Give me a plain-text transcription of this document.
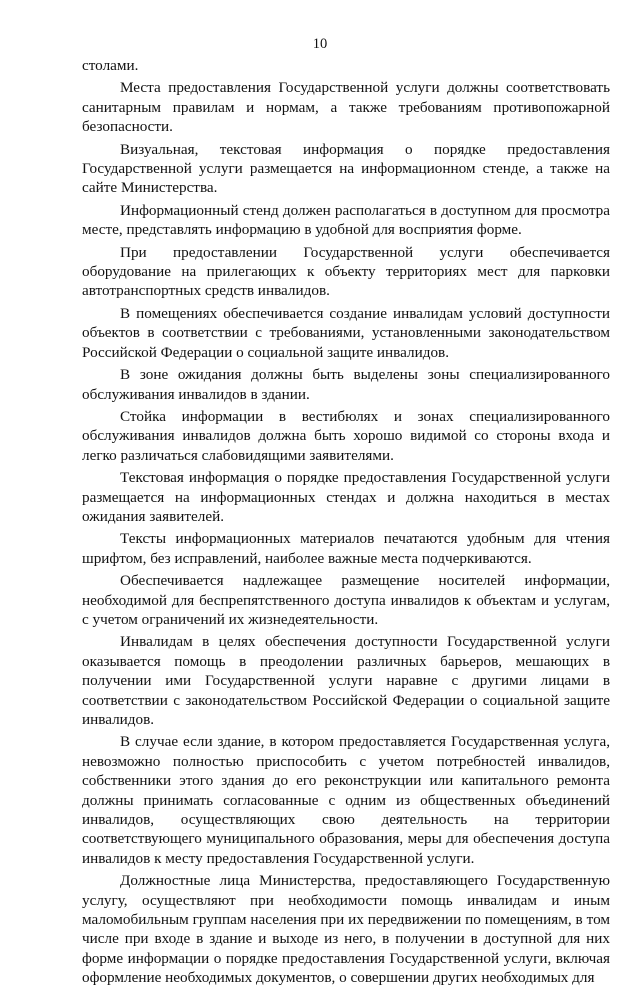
10

столами.

Места предоставления Государственной услуги должны соответствовать санитарным правилам и нормам, а также требованиям противопожарной безопасности.

Визуальная, текстовая информация о порядке предоставления Государственной услуги размещается на информационном стенде, а также на сайте Министерства.

Информационный стенд должен располагаться в доступном для просмотра месте, представлять информацию в удобной для восприятия форме.

При предоставлении Государственной услуги обеспечивается оборудование на прилегающих к объекту территориях мест для парковки автотранспортных средств инвалидов.

В помещениях обеспечивается создание инвалидам условий доступности объектов в соответствии с требованиями, установленными законодательством Российской Федерации о социальной защите инвалидов.

В зоне ожидания должны быть выделены зоны специализированного обслуживания инвалидов в здании.

Стойка информации в вестибюлях и зонах специализированного обслуживания инвалидов должна быть хорошо видимой со стороны входа и легко различаться слабовидящими заявителями.

Текстовая информация о порядке предоставления Государственной услуги размещается на информационных стендах и должна находиться в местах ожидания заявителей.

Тексты информационных материалов печатаются удобным для чтения шрифтом, без исправлений, наиболее важные места подчеркиваются.

Обеспечивается надлежащее размещение носителей информации, необходимой для беспрепятственного доступа инвалидов к объектам и услугам, с учетом ограничений их жизнедеятельности.

Инвалидам в целях обеспечения доступности Государственной услуги оказывается помощь в преодолении различных барьеров, мешающих в получении ими Государственной услуги наравне с другими лицами в соответствии с законодательством Российской Федерации о социальной защите инвалидов.

В случае если здание, в котором предоставляется Государственная услуга, невозможно полностью приспособить с учетом потребностей инвалидов, собственники этого здания до его реконструкции или капитального ремонта должны принимать согласованные с одним из общественных объединений инвалидов, осуществляющих свою деятельность на территории соответствующего муниципального образования, меры для обеспечения доступа инвалидов к месту предоставления Государственной услуги.

Должностные лица Министерства, предоставляющего Государственную услугу, осуществляют при необходимости помощь инвалидам и иным маломобильным группам населения при их передвижении по помещениям, в том числе при входе в здание и выходе из него, в получении в доступной для них форме информации о порядке предоставления Государственной услуги, включая оформление необходимых документов, о совершении других необходимых для
